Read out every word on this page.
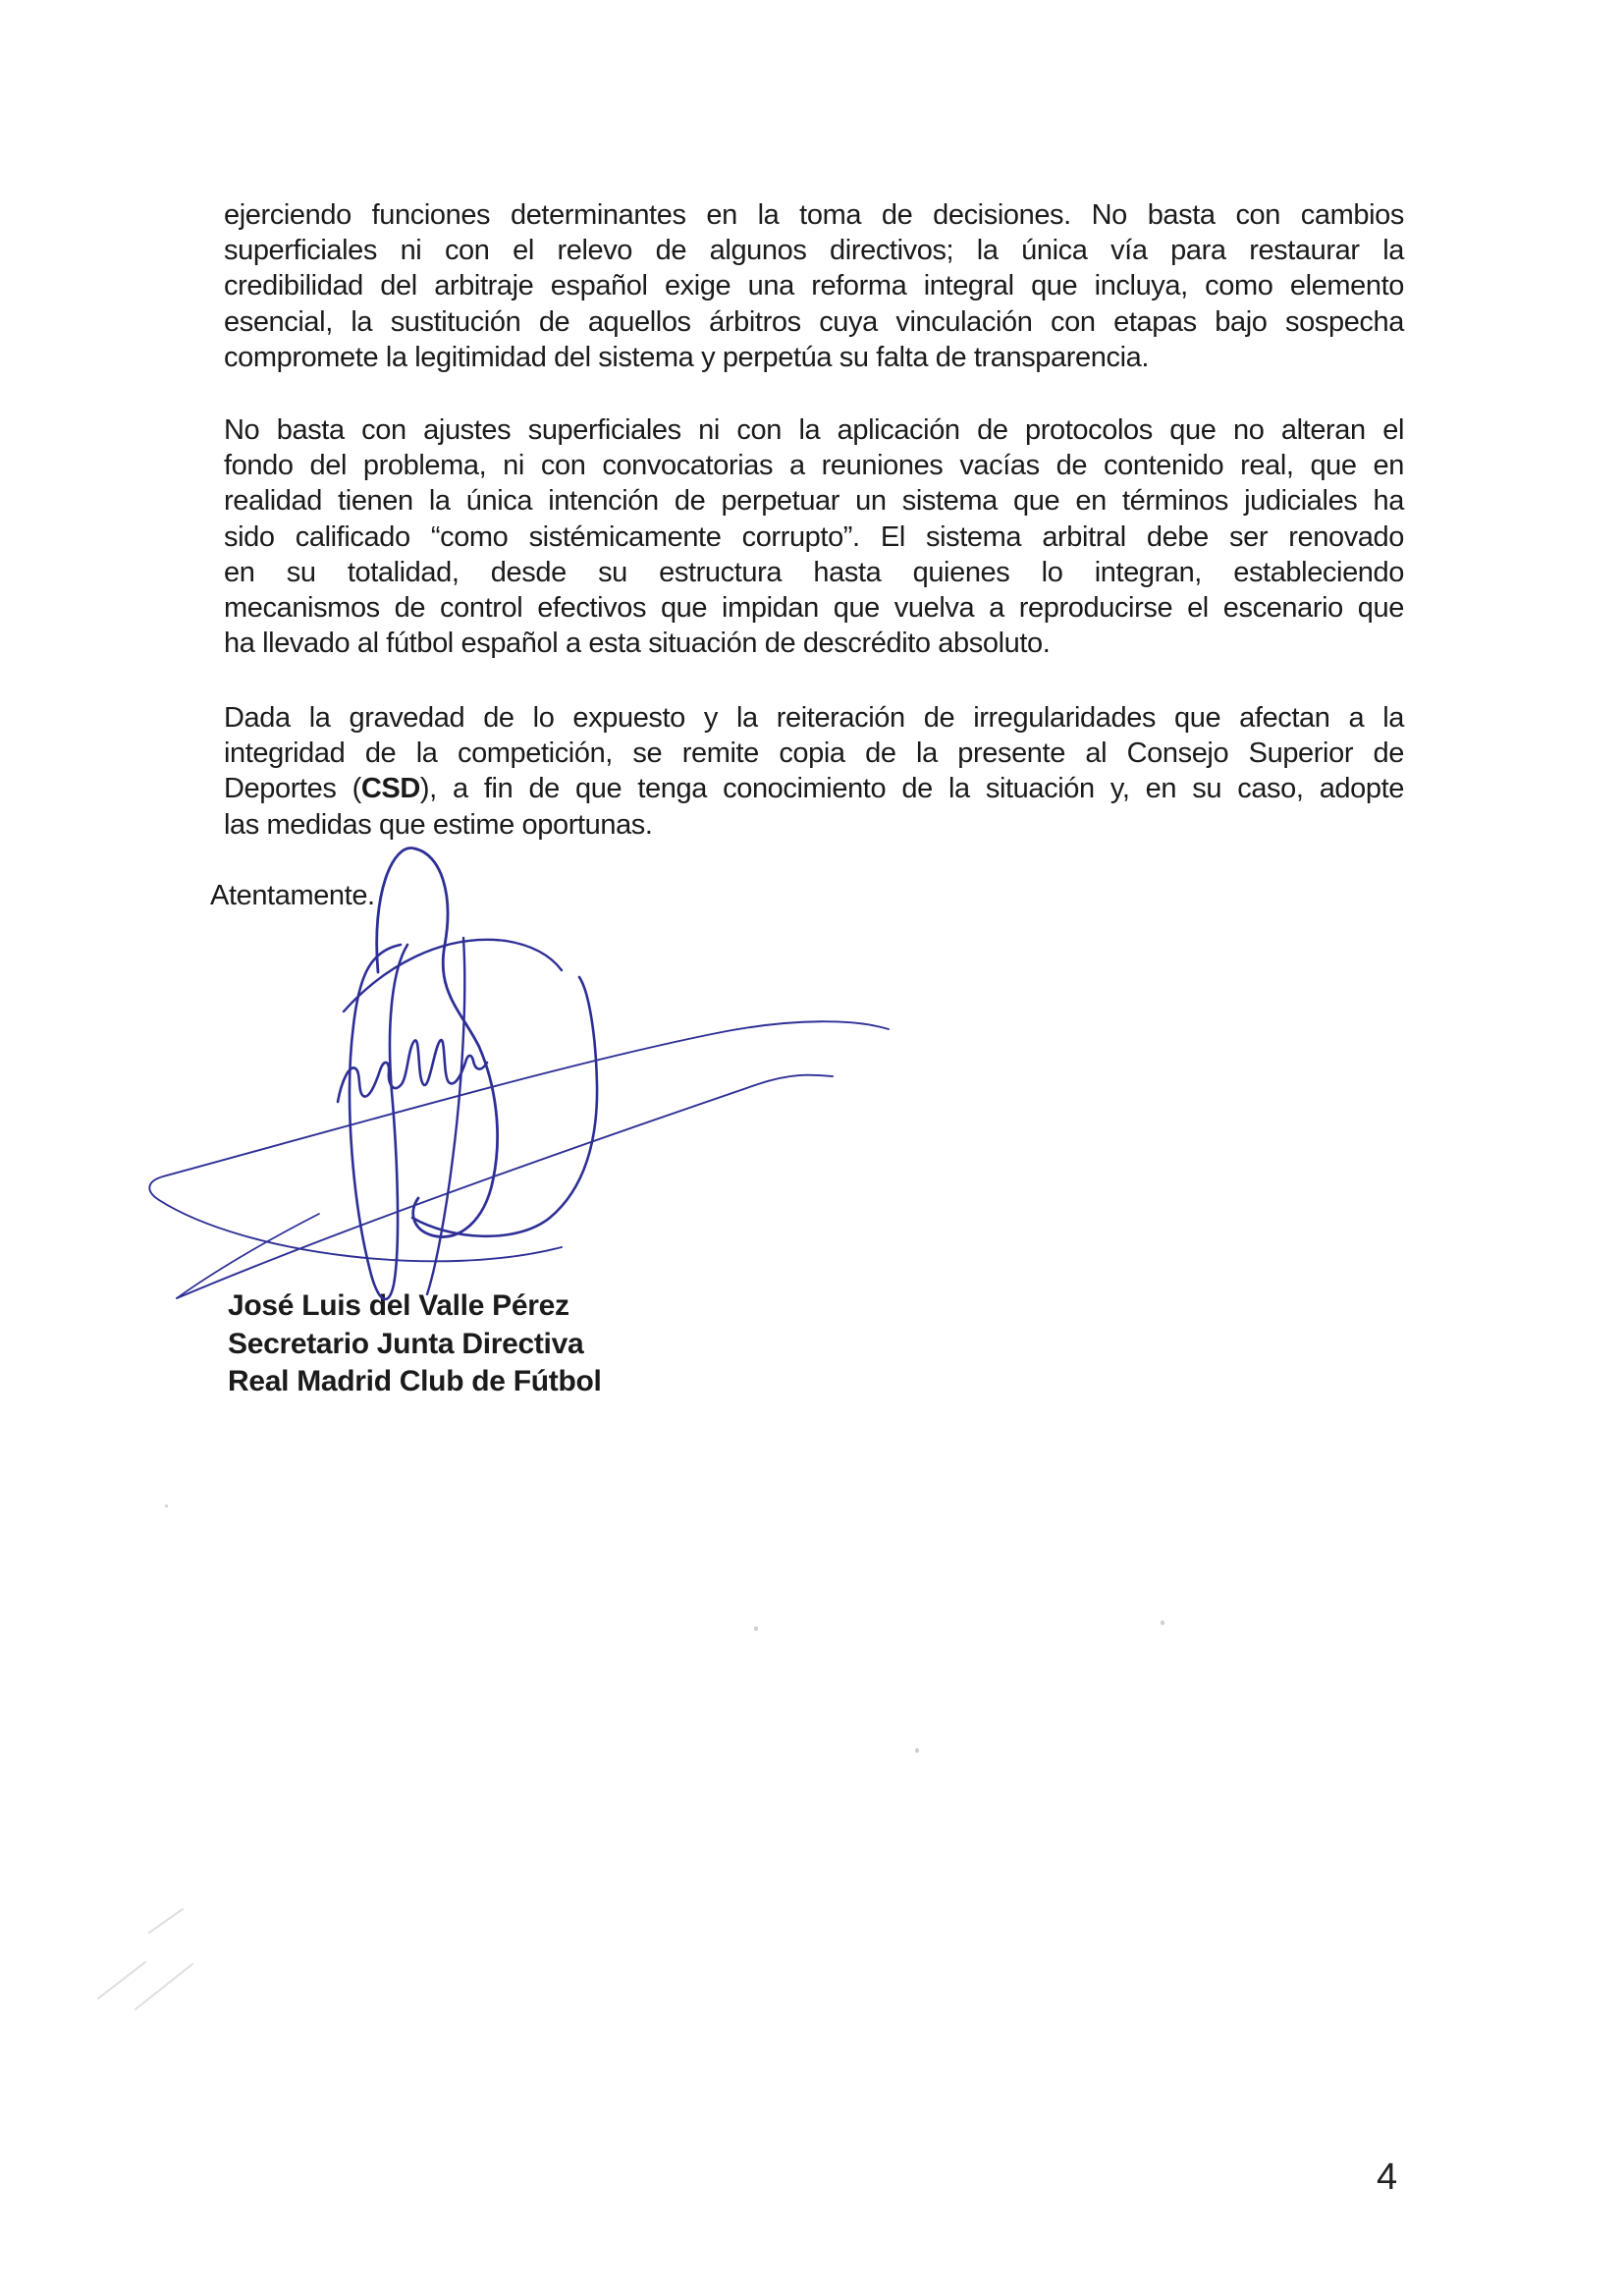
ejerciendo funciones determinantes en la toma de decisiones. No basta con cambios
superficiales ni con el relevo de algunos directivos; la única vía para restaurar la
credibilidad del arbitraje español exige una reforma integral que incluya, como elemento
esencial, la sustitución de aquellos árbitros cuya vinculación con etapas bajo sospecha
compromete la legitimidad del sistema y perpetúa su falta de transparencia.
No basta con ajustes superficiales ni con la aplicación de protocolos que no alteran el
fondo del problema, ni con convocatorias a reuniones vacías de contenido real, que en
realidad tienen la única intención de perpetuar un sistema que en términos judiciales ha
sido calificado “como sistémicamente corrupto”. El sistema arbitral debe ser renovado
en su totalidad, desde su estructura hasta quienes lo integran, estableciendo
mecanismos de control efectivos que impidan que vuelva a reproducirse el escenario que
ha llevado al fútbol español a esta situación de descrédito absoluto.
Dada la gravedad de lo expuesto y la reiteración de irregularidades que afectan a la
integridad de la competición, se remite copia de la presente al Consejo Superior de
Deportes (CSD), a fin de que tenga conocimiento de la situación y, en su caso, adopte
las medidas que estime oportunas.
Atentamente.
José Luis del Valle Pérez
Secretario Junta Directiva
Real Madrid Club de Fútbol
4
